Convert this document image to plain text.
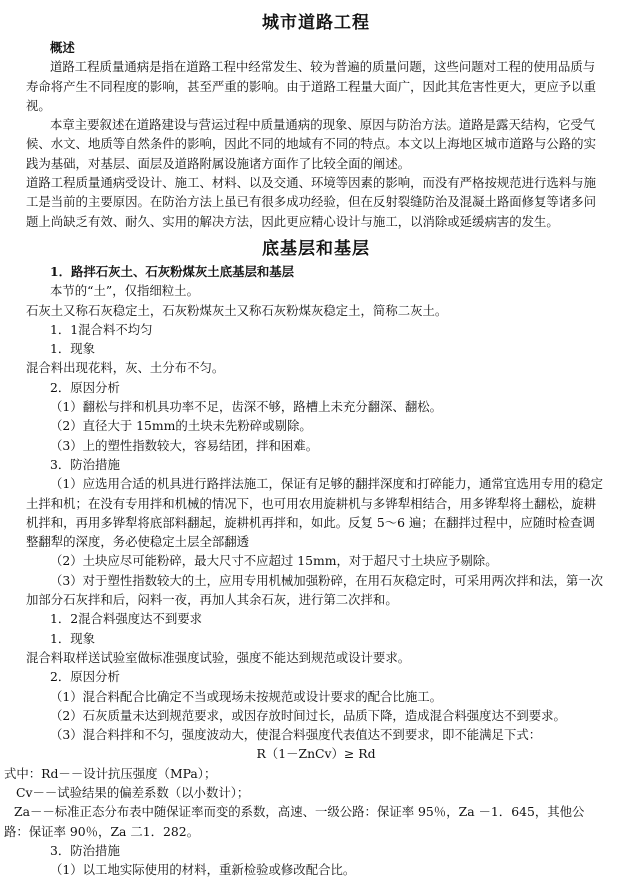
城市道路工程

概述

道路工程质量通病是指在道路工程中经常发生、较为普遍的质量问题，这些问题对工程的使用品质与寿命将产生不同程度的影响，甚至严重的影响。由于道路工程量大面广，因此其危害性更大，更应予以重视。

本章主要叙述在道路建设与营运过程中质量通病的现象、原因与防治方法。道路是露天结构，它受气候、水文、地质等自然条件的影响，因此不同的地域有不同的特点。本文以上海地区城市道路与公路的实践为基础，对基层、面层及道路附属设施诸方面作了比较全面的阐述。

道路工程质量通病受设计、施工、材料、以及交通、环境等因素的影响，而没有严格按规范进行选料与施工是当前的主要原因。在防治方法上虽已有很多成功经验，但在反射裂缝防治及混凝土路面修复等诸多问题上尚缺乏有效、耐久、实用的解决方法，因此更应精心设计与施工，以消除或延缓病害的发生。

底基层和基层

1．路拌石灰土、石灰粉煤灰土底基层和基层

本节的“土”，仅指细粒土。

石灰土又称石灰稳定土，石灰粉煤灰土又称石灰粉煤灰稳定土，简称二灰土。

1．1混合料不均匀

1．现象

混合料出现花料，灰、土分布不匀。

2．原因分析

（1）翻松与拌和机具功率不足，齿深不够，路槽上未充分翻深、翻松。

（2）直径大于 15mm的土块未先粉碎或剔除。

（3）上的塑性指数较大，容易结团，拌和困难。

3．防治措施

（1）应选用合适的机具进行路拌法施工，保证有足够的翻拌深度和打碎能力，通常宜选用专用的稳定土拌和机；在没有专用拌和机械的情况下，也可用农用旋耕机与多铧犁相结合，用多铧犁将土翻松，旋耕机拌和，再用多铧犁将底部料翻起，旋耕机再拌和，如此。反复 5～6 遍；在翻拌过程中，应随时检查调整翻犁的深度，务必使稳定土层全部翻透

（2）土块应尽可能粉碎，最大尺寸不应超过 15mm，对于超尺寸土块应予剔除。

（3）对于塑性指数较大的土，应用专用机械加强粉碎，在用石灰稳定时，可采用两次拌和法，第一次加部分石灰拌和后，闷料一夜，再加人其余石灰，进行第二次拌和。

1．2混合料强度达不到要求

1．现象

混合料取样送试验室做标准强度试验，强度不能达到规范或设计要求。

2．原因分析

（1）混合料配合比确定不当或现场未按规范或设计要求的配合比施工。

（2）石灰质量未达到规范要求，或因存放时间过长，品质下降，造成混合料强度达不到要求。

（3）混合料拌和不匀，强度波动大，使混合料强度代表值达不到要求，即不能满足下式：

R（1－ZnCv）≥ Rd

式中：Rd－－设计抗压强度（MPa）；

Cv－－试验结果的偏差系数（以小数计）；

Za－－标准正态分布表中随保证率而变的系数，高速、一级公路：保证率 95％，Za －1．645，其他公路：保证率 90％，Za 二1．282。

3．防治措施

（1）以工地实际使用的材料，重新检验或修改配合比。
